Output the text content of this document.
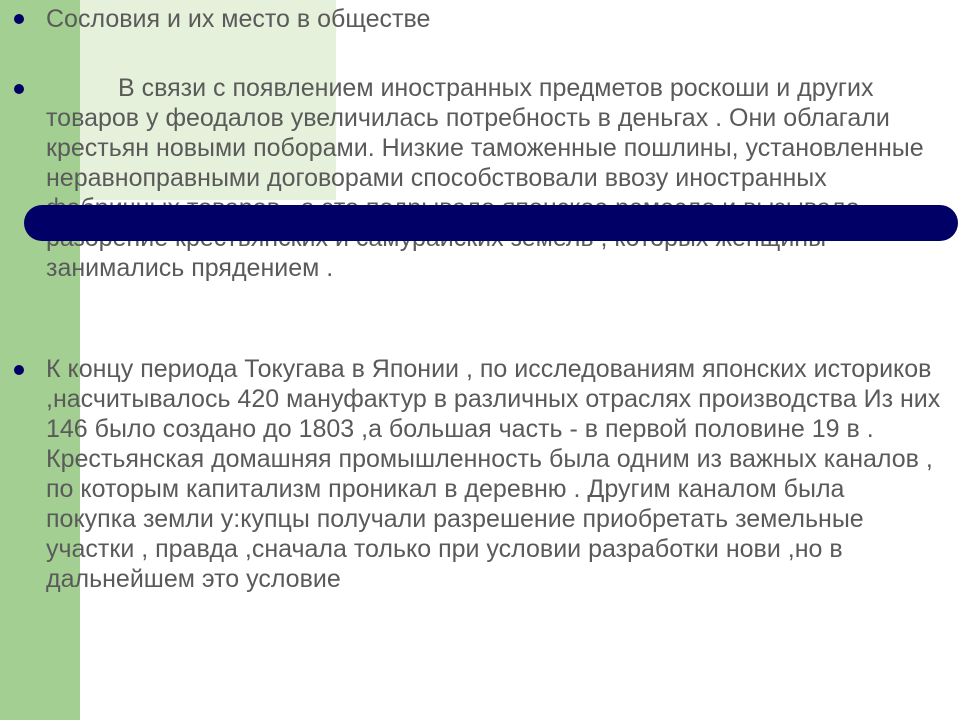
Сословия и их место в обществе
В связи с появлением иностранных предметов роскоши и других товаров у феодалов увеличилась потребность в деньгах . Они облагали крестьян новыми поборами. Низкие таможенные пошлины, установленные неравноправными договорами способствовали ввозу иностранных занимались прядением .
К концу периода Токугава в Японии , по исследованиям японских историков ,насчитывалось 420 мануфактур в различных отраслях производства Из них 146 было создано до 1803 ,а большая часть - в первой половине 19 в . Крестьянская домашняя промышленность была одним из важных каналов , по которым капитализм проникал в деревню . Другим каналом была покупка земли у:купцы получали разрешение приобретать земельные участки , правда ,сначала только при условии разработки нови ,но в дальнейшем это условие
